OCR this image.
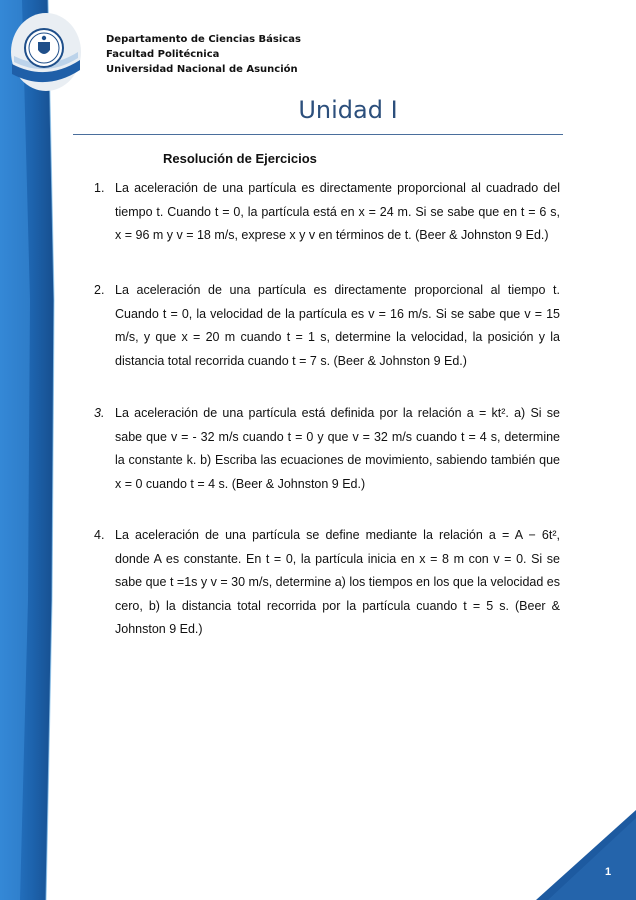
Departamento de Ciencias Básicas
Facultad Politécnica
Universidad Nacional de Asunción
Unidad I
Resolución de Ejercicios
1. La aceleración de una partícula es directamente proporcional al cuadrado del tiempo t. Cuando t = 0, la partícula está en x = 24 m. Si se sabe que en t = 6 s, x = 96 m y v = 18 m/s, exprese x y v en términos de t. (Beer & Johnston 9 Ed.)
2. La aceleración de una partícula es directamente proporcional al tiempo t. Cuando t = 0, la velocidad de la partícula es v = 16 m/s. Si se sabe que v = 15 m/s, y que x = 20 m cuando t = 1 s, determine la velocidad, la posición y la distancia total recorrida cuando t = 7 s. (Beer & Johnston 9 Ed.)
3. La aceleración de una partícula está definida por la relación a = kt². a) Si se sabe que v = - 32 m/s cuando t = 0 y que v = 32 m/s cuando t = 4 s, determine la constante k. b) Escriba las ecuaciones de movimiento, sabiendo también que x = 0 cuando t = 4 s. (Beer & Johnston 9 Ed.)
4. La aceleración de una partícula se define mediante la relación a = A − 6t², donde A es constante. En t = 0, la partícula inicia en x = 8 m con v = 0. Si se sabe que t =1s y v = 30 m/s, determine a) los tiempos en los que la velocidad es cero, b) la distancia total recorrida por la partícula cuando t = 5 s. (Beer & Johnston 9 Ed.)
1
